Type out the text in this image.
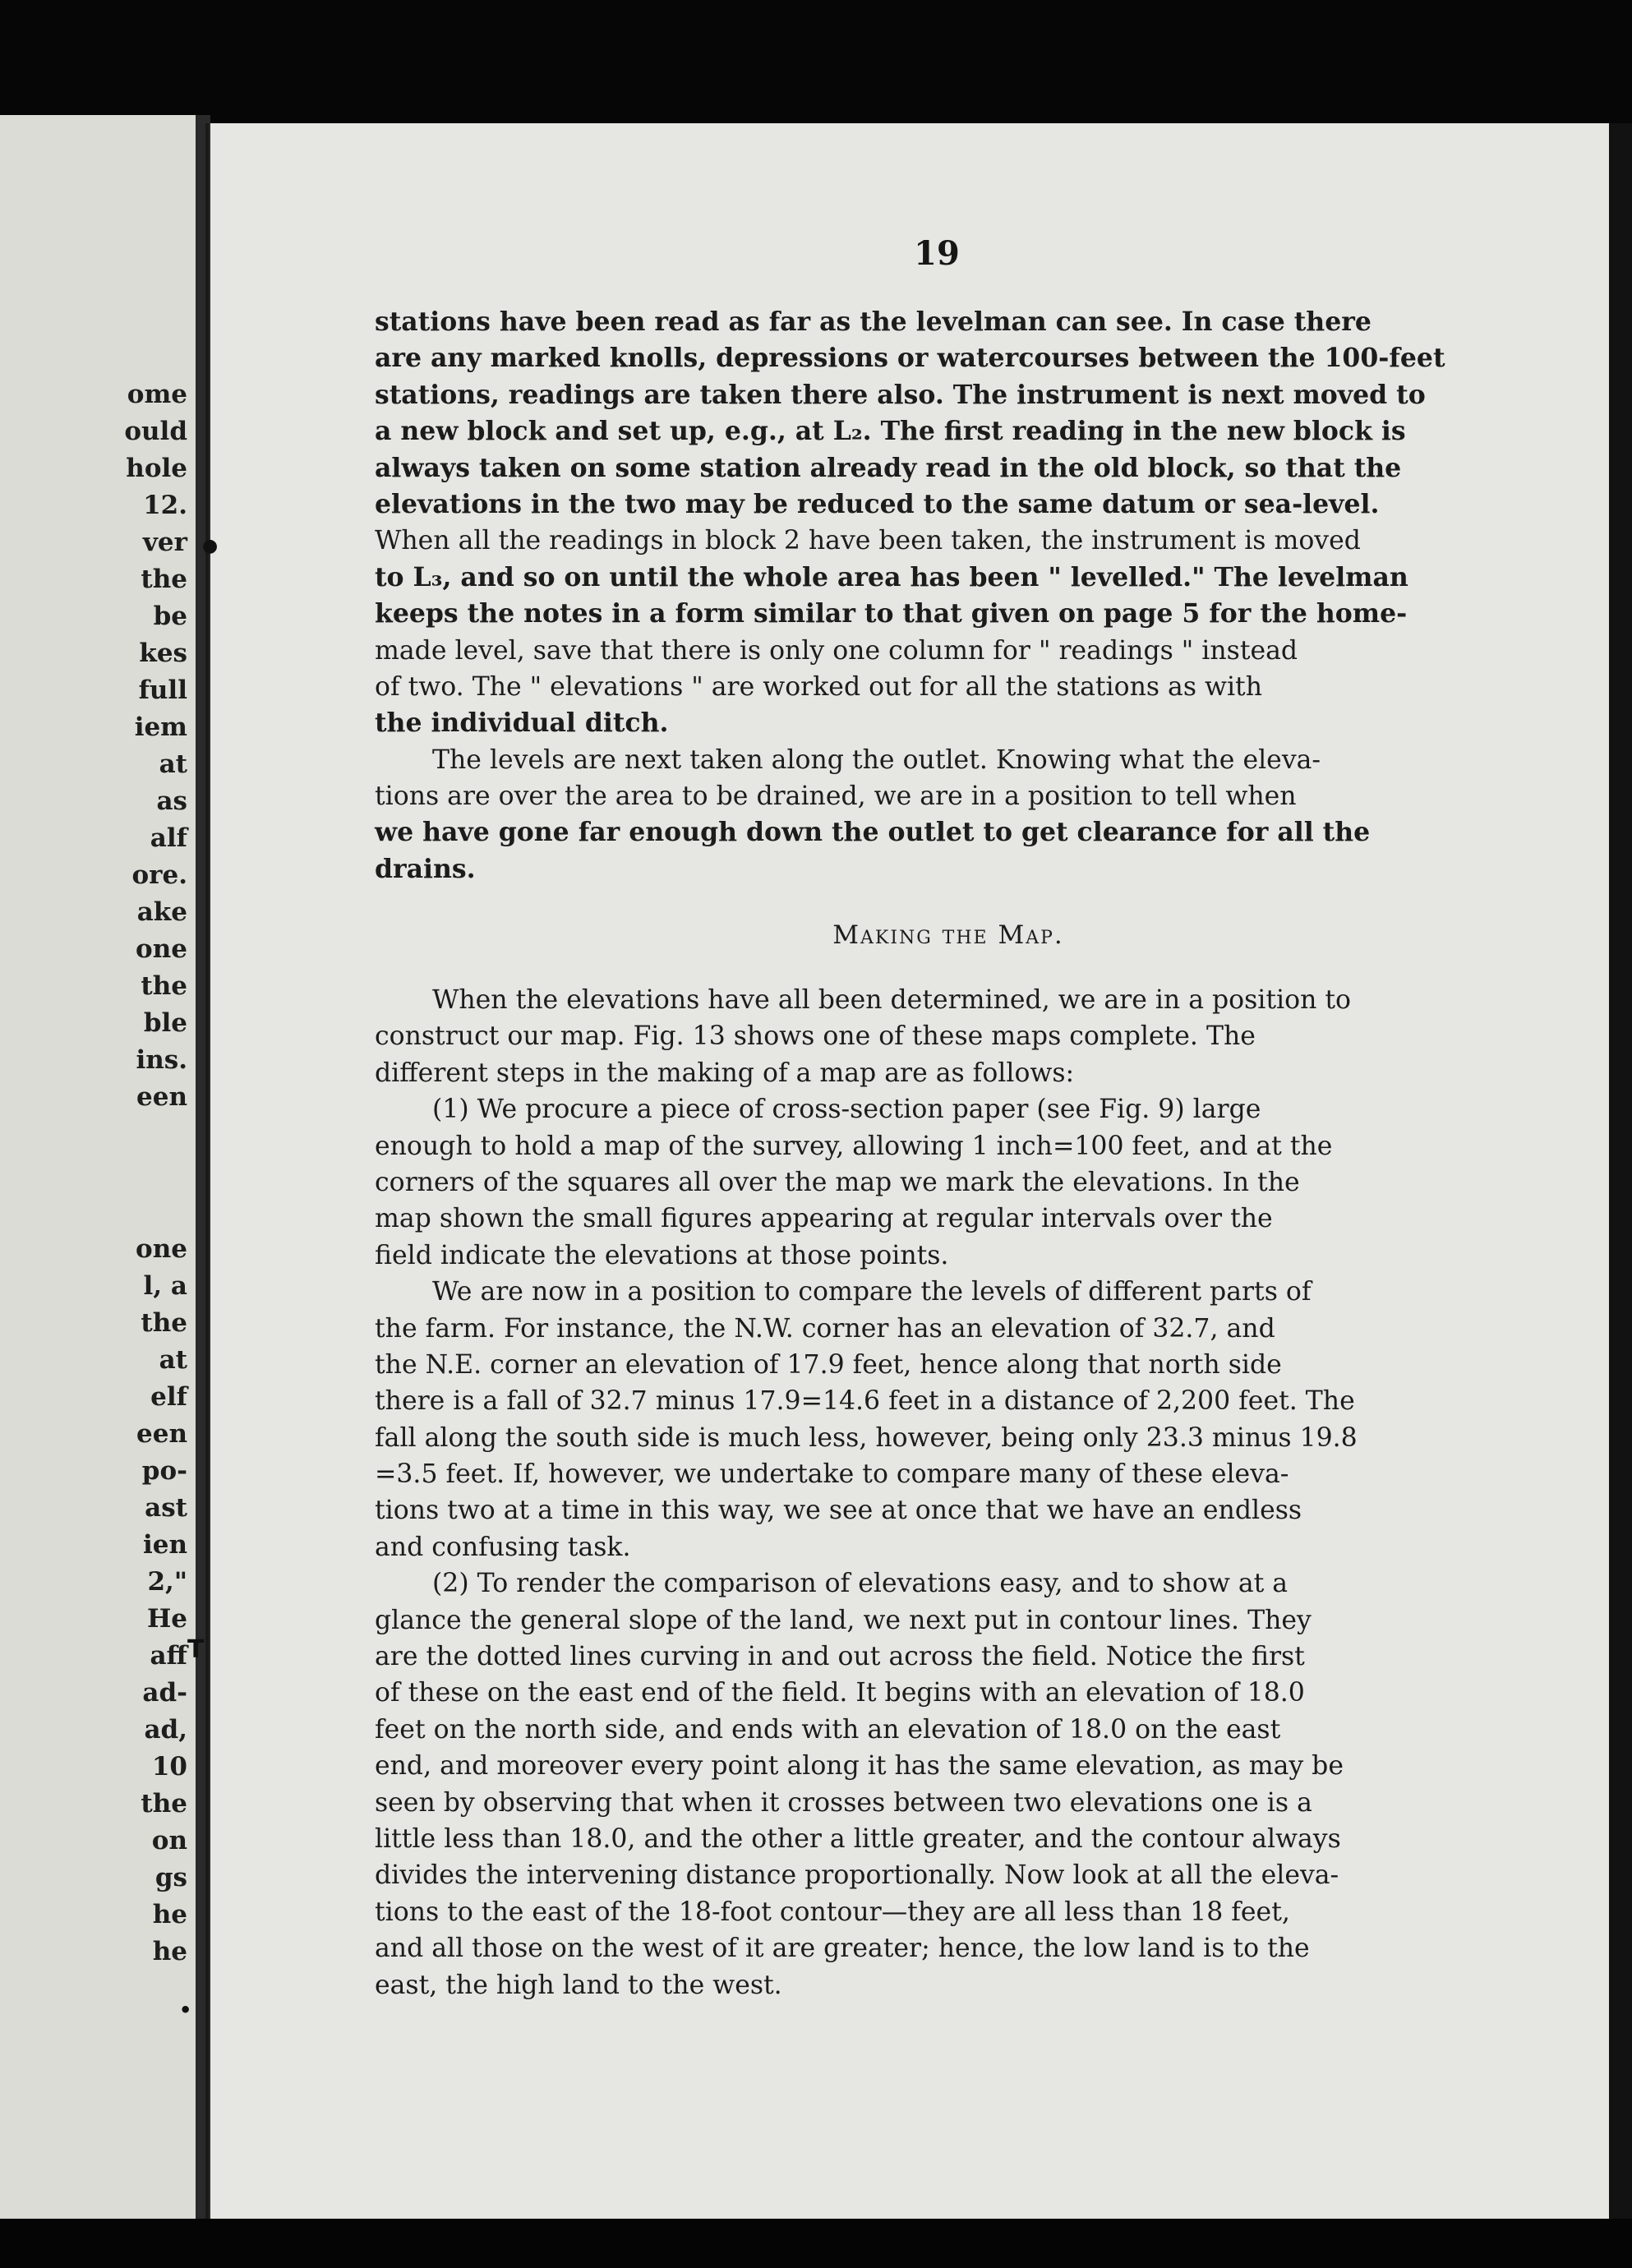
ome
ould
hole
12.
ver
the
be
kes
full
iem
at
as
alf
ore.
ake
one
the
ble
ins.
een
one
l, a
the
at
elf
een
po-
ast
ien
2,"
He
aff
ad-
ad,
10
the
on
gs
he
he
●
T
•
19
stations have been read as far as the levelman can see. In case there
are any marked knolls, depressions or watercourses between the 100-feet
stations, readings are taken there also. The instrument is next moved to
a new block and set up, e.g., at L₂. The first reading in the new block is
always taken on some station already read in the old block, so that the
elevations in the two may be reduced to the same datum or sea-level.
When all the readings in block 2 have been taken, the instrument is moved
to L₃, and so on until the whole area has been " levelled." The levelman
keeps the notes in a form similar to that given on page 5 for the home-
made level, save that there is only one column for " readings " instead
of two. The " elevations " are worked out for all the stations as with
the individual ditch.
The levels are next taken along the outlet. Knowing what the eleva-
tions are over the area to be drained, we are in a position to tell when
we have gone far enough down the outlet to get clearance for all the
drains.
Making the Map.
When the elevations have all been determined, we are in a position to
construct our map. Fig. 13 shows one of these maps complete. The
different steps in the making of a map are as follows:
(1) We procure a piece of cross-section paper (see Fig. 9) large
enough to hold a map of the survey, allowing 1 inch=100 feet, and at the
corners of the squares all over the map we mark the elevations. In the
map shown the small figures appearing at regular intervals over the
field indicate the elevations at those points.
We are now in a position to compare the levels of different parts of
the farm. For instance, the N.W. corner has an elevation of 32.7, and
the N.E. corner an elevation of 17.9 feet, hence along that north side
there is a fall of 32.7 minus 17.9=14.6 feet in a distance of 2,200 feet. The
fall along the south side is much less, however, being only 23.3 minus 19.8
=3.5 feet. If, however, we undertake to compare many of these eleva-
tions two at a time in this way, we see at once that we have an endless
and confusing task.
(2) To render the comparison of elevations easy, and to show at a
glance the general slope of the land, we next put in contour lines. They
are the dotted lines curving in and out across the field. Notice the first
of these on the east end of the field. It begins with an elevation of 18.0
feet on the north side, and ends with an elevation of 18.0 on the east
end, and moreover every point along it has the same elevation, as may be
seen by observing that when it crosses between two elevations one is a
little less than 18.0, and the other a little greater, and the contour always
divides the intervening distance proportionally. Now look at all the eleva-
tions to the east of the 18-foot contour—they are all less than 18 feet,
and all those on the west of it are greater; hence, the low land is to the
east, the high land to the west.
